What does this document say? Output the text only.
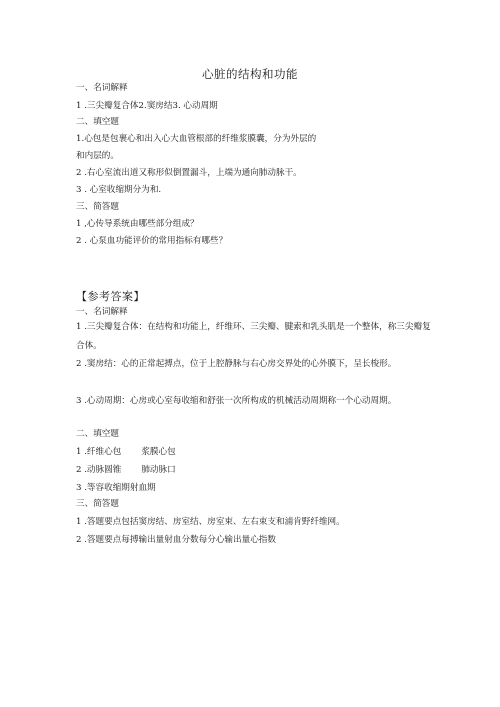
心脏的结构和功能
一、名词解释
1 .三尖瓣复合体2.窦房结3. 心动周期
二、填空题
1.心包是包裹心和出入心大血管根部的纤维浆膜囊，分为外层的
和内层的。
2 .右心室流出道又称形似倒置漏斗，上端为通向肺动脉干。
3 . 心室收缩期分为和.
三、简答题
1 ,心传导系统由哪些部分组成？
2 . 心泵血功能评价的常用指标有哪些？
【参考答案】
一、名词解释
1 .三尖瓣复合体：在结构和功能上，纤维环、三尖瓣、腱索和乳头肌是一个整体，称三尖瓣复合体。
2 .窦房结：心的正常起搏点，位于上腔静脉与右心房交界处的心外膜下，呈长梭形。
3 .心动周期：心房或心室每收缩和舒张一次所构成的机械活动周期称一个心动周期。
二、填空题
1 .纤维心包 浆膜心包
2 .动脉圆锥 肺动脉口
3 .等容收缩期射血期
三、简答题
1 .答题要点包括窦房结、房室结、房室束、左右束支和浦肯野纤维网。
2 .答题要点每搏输出量射血分数每分心输出量心指数
